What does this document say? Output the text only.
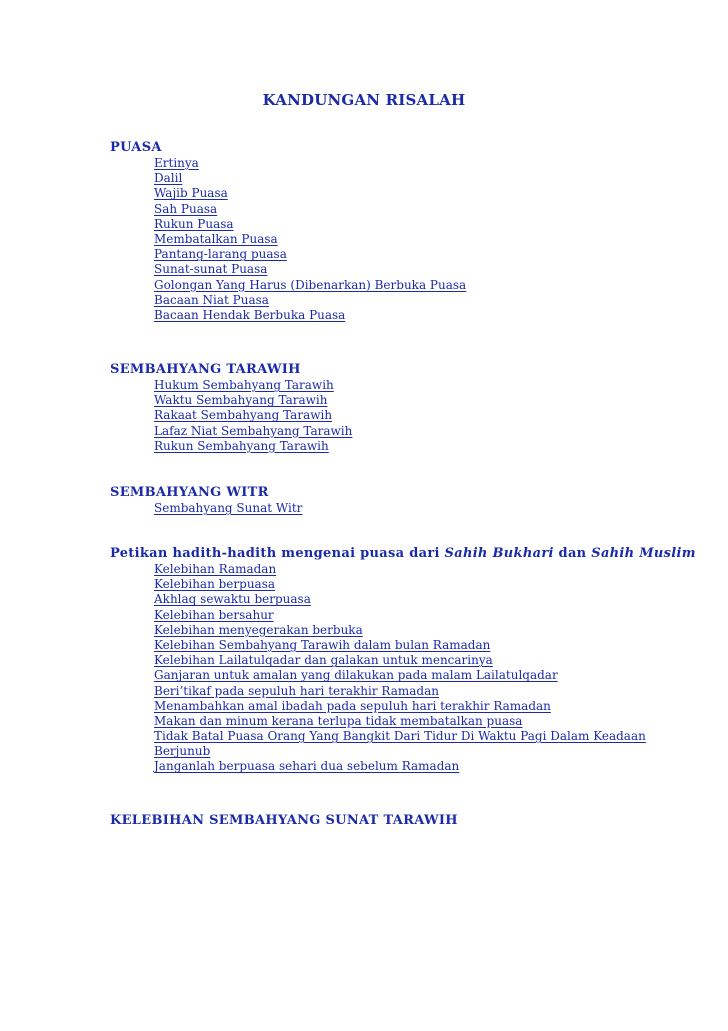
KANDUNGAN RISALAH
PUASA
Ertinya
Dalil
Wajib Puasa
Sah Puasa
Rukun Puasa
Membatalkan Puasa
Pantang-larang puasa
Sunat-sunat Puasa
Golongan Yang Harus (Dibenarkan) Berbuka Puasa
Bacaan Niat Puasa
Bacaan Hendak Berbuka Puasa
SEMBAHYANG TARAWIH
Hukum Sembahyang Tarawih
Waktu Sembahyang Tarawih
Rakaat Sembahyang Tarawih
Lafaz Niat Sembahyang Tarawih
Rukun Sembahyang Tarawih
SEMBAHYANG WITR
Sembahyang Sunat Witr
Petikan hadith-hadith mengenai puasa dari Sahih Bukhari dan Sahih Muslim
Kelebihan Ramadan
Kelebihan berpuasa
Akhlaq sewaktu berpuasa
Kelebihan bersahur
Kelebihan menyegerakan berbuka
Kelebihan Sembahyang Tarawih dalam bulan Ramadan
Kelebihan Lailatulqadar dan galakan untuk mencarinya
Ganjaran untuk amalan yang dilakukan pada malam Lailatulqadar
Beri’tikaf pada sepuluh hari terakhir Ramadan
Menambahkan amal ibadah pada sepuluh hari terakhir Ramadan
Makan dan minum kerana terlupa tidak membatalkan puasa
Tidak Batal Puasa Orang Yang Bangkit Dari Tidur Di Waktu Pagi Dalam Keadaan
Berjunub
Janganlah berpuasa sehari dua sebelum Ramadan
KELEBIHAN SEMBAHYANG SUNAT TARAWIH
